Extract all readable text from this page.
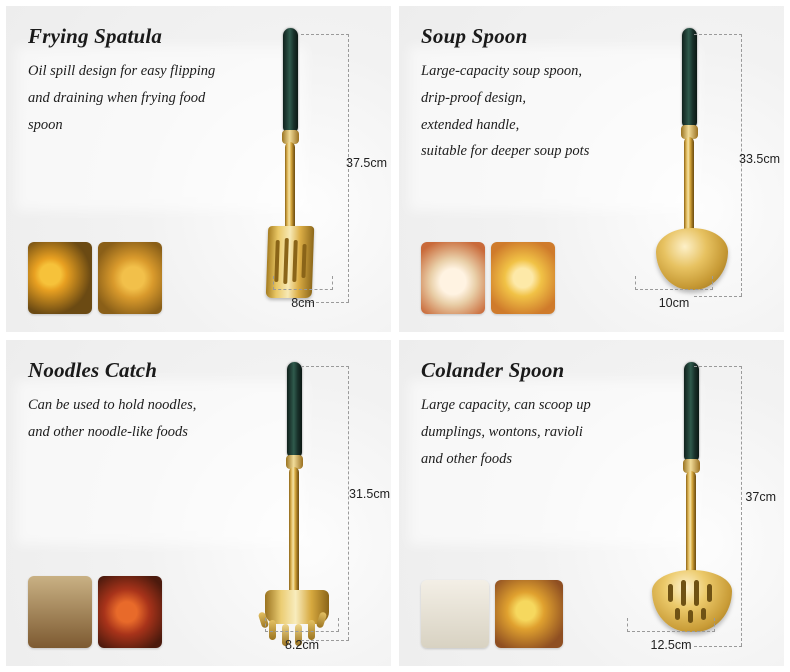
Frying Spatula
Oil spill design for easy flipping
and draining when frying food
spoon
37.5cm
8cm
Soup Spoon
Large-capacity soup spoon,
drip-proof design,
extended handle,
suitable for deeper soup pots	33.5cm
10cm
Noodles Catch
Can be used to hold noodles,
and other noodle-like foods
31.5cm
8.2cm
Colander Spoon
Large capacity, can scoop up
dumplings, wontons, ravioli
and other foods
37cm
12.5cm
